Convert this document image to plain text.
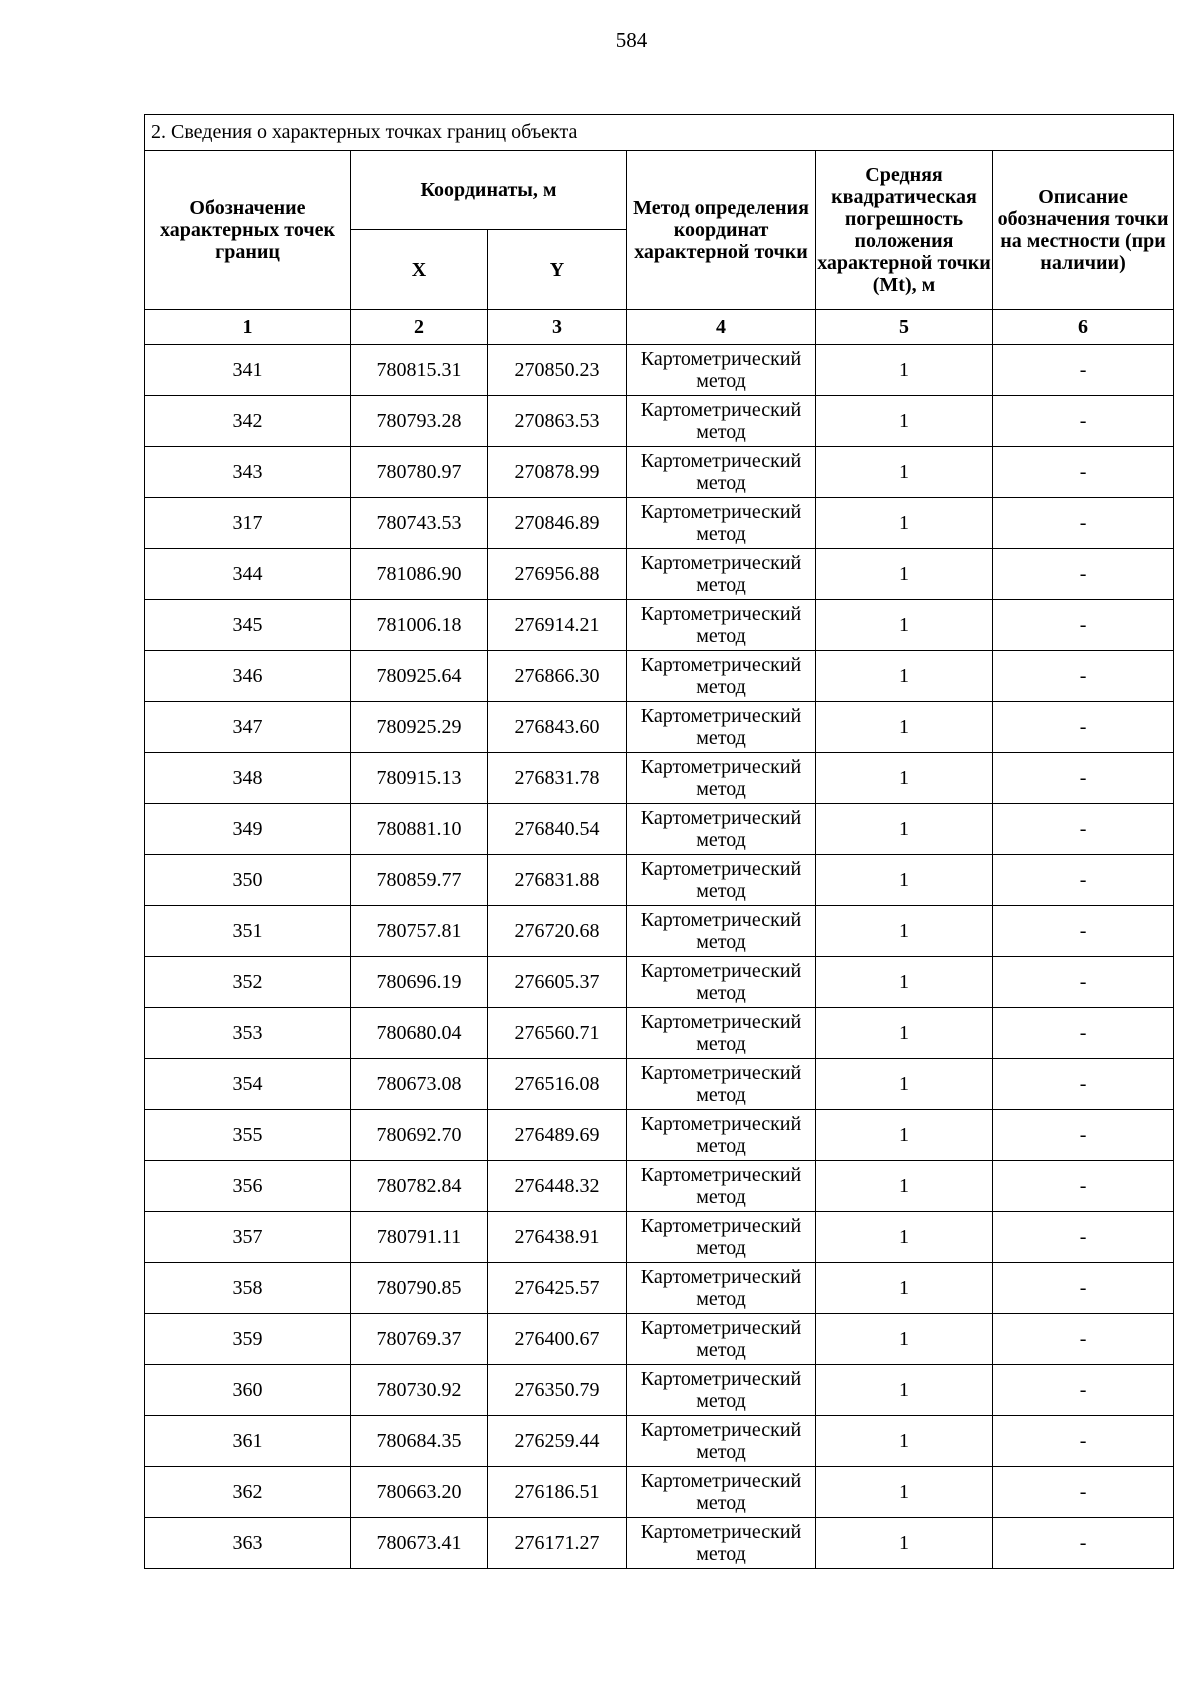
584
2. Сведения о характерных точках границ объекта					
Обозначение характерных точек границ	Координаты, м		Метод определения координат характерной точки	Средняя квадратическая погрешность положения характерной точки (Mt), м	Описание обозначения точки на местности (при наличии)
	X	Y			
1	2	3	4	5	6
341	780815.31	270850.23	Картометрический метод	1	-
342	780793.28	270863.53	Картометрический метод	1	-
343	780780.97	270878.99	Картометрический метод	1	-
317	780743.53	270846.89	Картометрический метод	1	-
344	781086.90	276956.88	Картометрический метод	1	-
345	781006.18	276914.21	Картометрический метод	1	-
346	780925.64	276866.30	Картометрический метод	1	-
347	780925.29	276843.60	Картометрический метод	1	-
348	780915.13	276831.78	Картометрический метод	1	-
349	780881.10	276840.54	Картометрический метод	1	-
350	780859.77	276831.88	Картометрический метод	1	-
351	780757.81	276720.68	Картометрический метод	1	-
352	780696.19	276605.37	Картометрический метод	1	-
353	780680.04	276560.71	Картометрический метод	1	-
354	780673.08	276516.08	Картометрический метод	1	-
355	780692.70	276489.69	Картометрический метод	1	-
356	780782.84	276448.32	Картометрический метод	1	-
357	780791.11	276438.91	Картометрический метод	1	-
358	780790.85	276425.57	Картометрический метод	1	-
359	780769.37	276400.67	Картометрический метод	1	-
360	780730.92	276350.79	Картометрический метод	1	-
361	780684.35	276259.44	Картометрический метод	1	-
362	780663.20	276186.51	Картометрический метод	1	-
363	780673.41	276171.27	Картометрический метод	1	-
